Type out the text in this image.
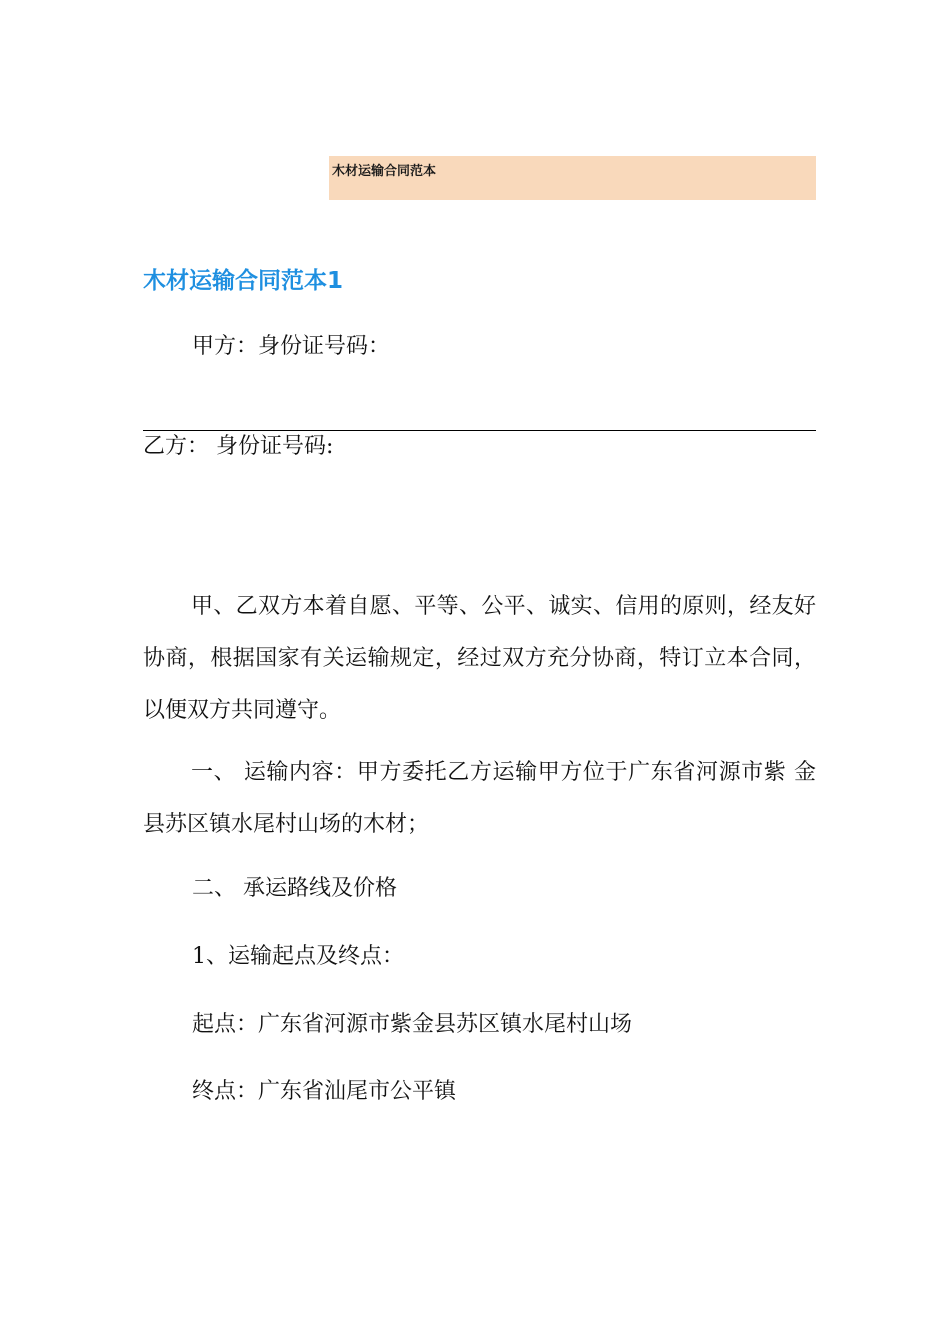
木材运输合同范本
木材运输合同范本1
甲方：身份证号码：
乙方： 身份证号码:
甲、乙双方本着自愿、平等、公平、诚实、信用的原则，经友好协商，根据国家有关运输规定，经过双方充分协商，特订立本合同，以便双方共同遵守。
一、 运输内容：甲方委托乙方运输甲方位于广东省河源市紫 金县苏区镇水尾村山场的木材；
二、 承运路线及价格
1、运输起点及终点：
起点：广东省河源市紫金县苏区镇水尾村山场
终点：广东省汕尾市公平镇
